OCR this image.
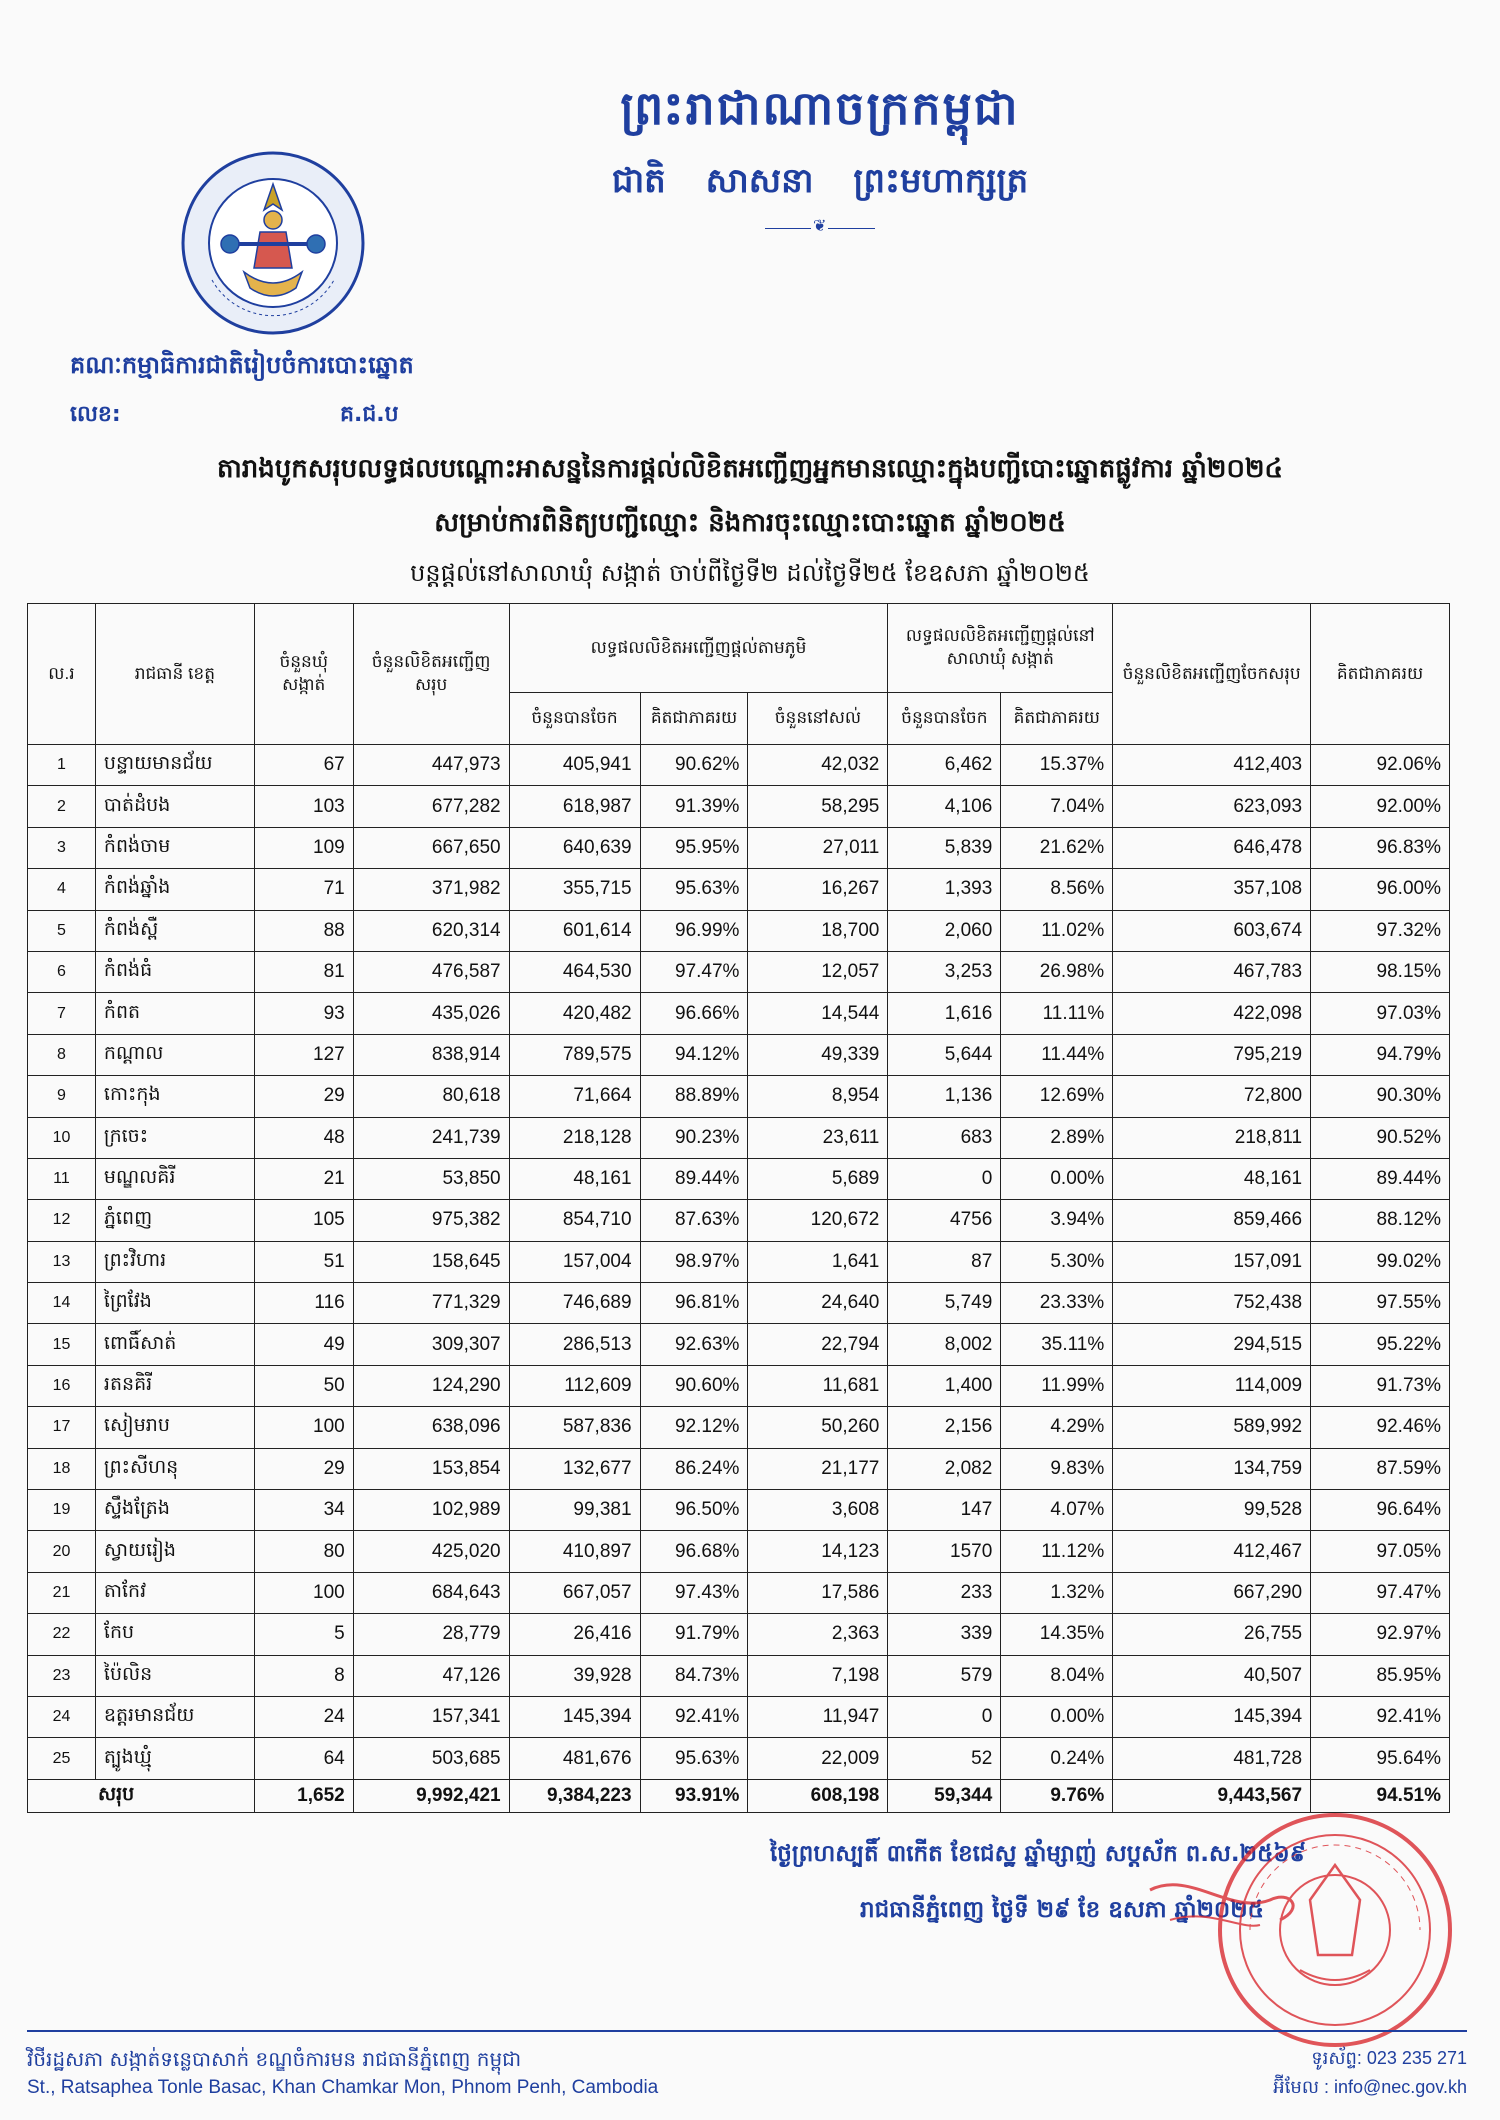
ព្រះរាជាណាចក្រកម្ពុជា
ជាតិ សាសនា ព្រះមហាក្សត្រ
❦
គណៈកម្មាធិការជាតិរៀបចំការបោះឆ្នោត
លេខ:	គ.ជ.ប
តារាងបូកសរុបលទ្ធផលបណ្តោះអាសន្ននៃការផ្តល់លិខិតអញ្ជើញអ្នកមានឈ្មោះក្នុងបញ្ជីបោះឆ្នោតផ្លូវការ ឆ្នាំ២០២៤
សម្រាប់ការពិនិត្យបញ្ជីឈ្មោះ និងការចុះឈ្មោះបោះឆ្នោត ឆ្នាំ២០២៥
បន្តផ្តល់នៅសាលាឃុំ សង្កាត់ ចាប់ពីថ្ងៃទី២ ដល់ថ្ងៃទី២៥ ខែឧសភា ឆ្នាំ២០២៥
ល.រ	រាជធានី ខេត្ត	ចំនួនឃុំ សង្កាត់	ចំនួនលិខិតអញ្ជើញសរុប	លទ្ធផលលិខិតអញ្ជើញផ្តល់តាមភូមិ			លទ្ធផលលិខិតអញ្ជើញផ្តល់នៅសាលាឃុំ សង្កាត់		ចំនួនលិខិតអញ្ជើញចែកសរុប	គិតជាភាគរយ
				ចំនួនបានចែក	គិតជាភាគរយ	ចំនួននៅសល់	ចំនួនបានចែក	គិតជាភាគរយ		
1	បន្ទាយមានជ័យ	67	447,973	405,941	90.62%	42,032	6,462	15.37%	412,403	92.06%
2	បាត់ដំបង	103	677,282	618,987	91.39%	58,295	4,106	7.04%	623,093	92.00%
3	កំពង់ចាម	109	667,650	640,639	95.95%	27,011	5,839	21.62%	646,478	96.83%
4	កំពង់ឆ្នាំង	71	371,982	355,715	95.63%	16,267	1,393	8.56%	357,108	96.00%
5	កំពង់ស្ពឺ	88	620,314	601,614	96.99%	18,700	2,060	11.02%	603,674	97.32%
6	កំពង់ធំ	81	476,587	464,530	97.47%	12,057	3,253	26.98%	467,783	98.15%
7	កំពត	93	435,026	420,482	96.66%	14,544	1,616	11.11%	422,098	97.03%
8	កណ្តាល	127	838,914	789,575	94.12%	49,339	5,644	11.44%	795,219	94.79%
9	កោះកុង	29	80,618	71,664	88.89%	8,954	1,136	12.69%	72,800	90.30%
10	ក្រចេះ	48	241,739	218,128	90.23%	23,611	683	2.89%	218,811	90.52%
11	មណ្ឌលគិរី	21	53,850	48,161	89.44%	5,689	0	0.00%	48,161	89.44%
12	ភ្នំពេញ	105	975,382	854,710	87.63%	120,672	4756	3.94%	859,466	88.12%
13	ព្រះវិហារ	51	158,645	157,004	98.97%	1,641	87	5.30%	157,091	99.02%
14	ព្រៃវែង	116	771,329	746,689	96.81%	24,640	5,749	23.33%	752,438	97.55%
15	ពោធិ៍សាត់	49	309,307	286,513	92.63%	22,794	8,002	35.11%	294,515	95.22%
16	រតនគិរី	50	124,290	112,609	90.60%	11,681	1,400	11.99%	114,009	91.73%
17	សៀមរាប	100	638,096	587,836	92.12%	50,260	2,156	4.29%	589,992	92.46%
18	ព្រះសីហនុ	29	153,854	132,677	86.24%	21,177	2,082	9.83%	134,759	87.59%
19	ស្ទឹងត្រែង	34	102,989	99,381	96.50%	3,608	147	4.07%	99,528	96.64%
20	ស្វាយរៀង	80	425,020	410,897	96.68%	14,123	1570	11.12%	412,467	97.05%
21	តាកែវ	100	684,643	667,057	97.43%	17,586	233	1.32%	667,290	97.47%
22	កែប	5	28,779	26,416	91.79%	2,363	339	14.35%	26,755	92.97%
23	ប៉ៃលិន	8	47,126	39,928	84.73%	7,198	579	8.04%	40,507	85.95%
24	ឧត្តរមានជ័យ	24	157,341	145,394	92.41%	11,947	0	0.00%	145,394	92.41%
25	ត្បូងឃ្មុំ	64	503,685	481,676	95.63%	22,009	52	0.24%	481,728	95.64%
សរុប		1,652	9,992,421	9,384,223	93.91%	608,198	59,344	9.76%	9,443,567	94.51%
ថ្ងៃព្រហស្បតិ៍ ៣កើត ខែជេស្ឋ ឆ្នាំម្សាញ់ សប្តស័ក ព.ស.២៥៦៩
រាជធានីភ្នំពេញ ថ្ងៃទី ២៩ ខែ ឧសភា ឆ្នាំ២០២៥
វិថីរដ្ឋសភា សង្កាត់ទន្លេបាសាក់ ខណ្ឌចំការមន រាជធានីភ្នំពេញ កម្ពុជា
St., Ratsaphea Tonle Basac, Khan Chamkar Mon, Phnom Penh, Cambodia
ទូរស័ព្ទ: 023 235 271
អ៊ីមែល : info@nec.gov.kh
